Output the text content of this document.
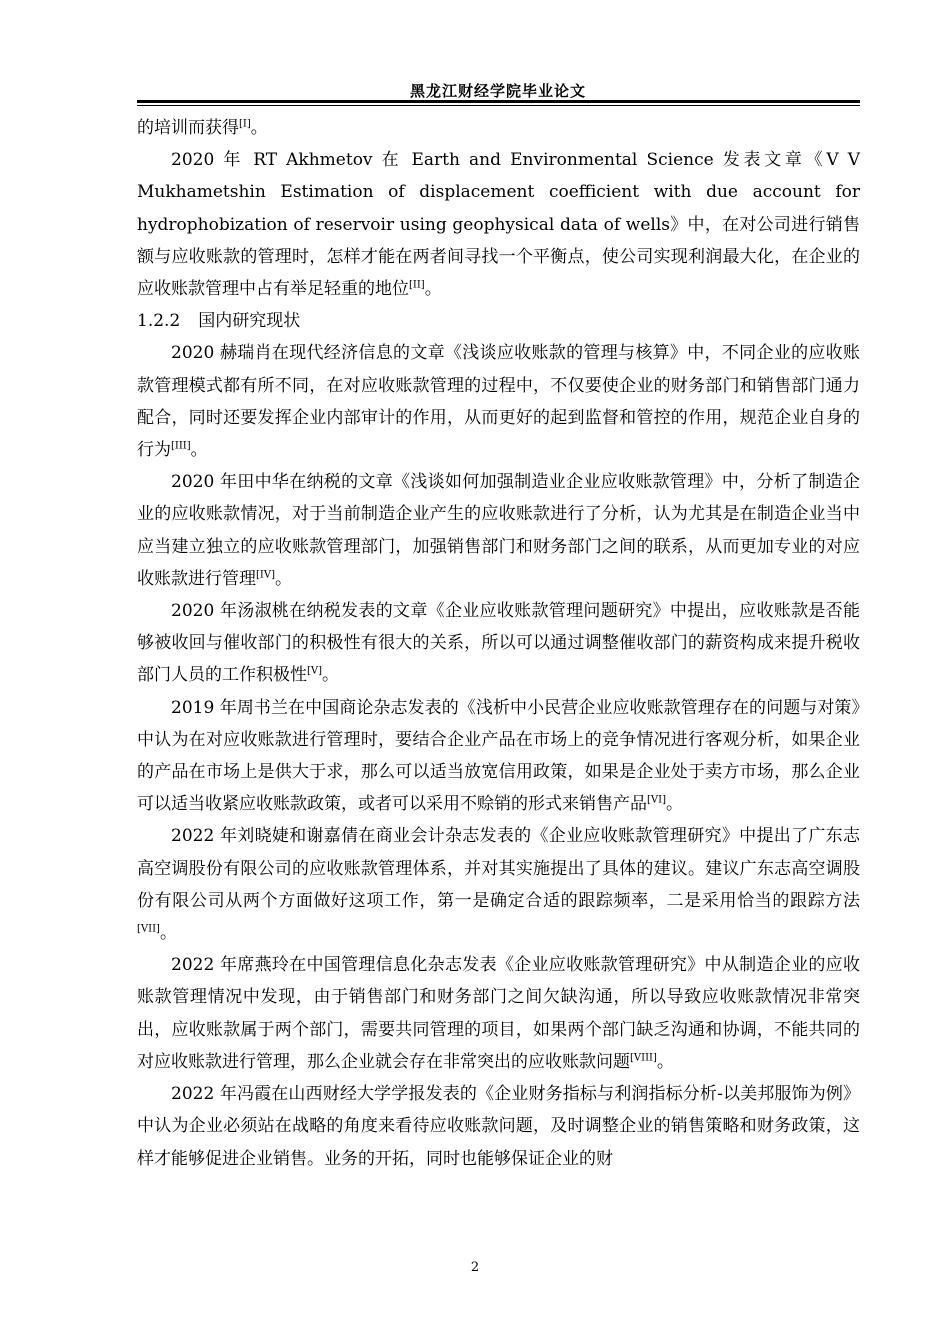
黑龙江财经学院毕业论文

的培训而获得[I]。

2020 年 RT Akhmetov 在 Earth and Environmental Science 发表文章《V V Mukhametshin Estimation of displacement coefficient with due account for hydrophobization of reservoir using geophysical data of wells》中，在对公司进行销售额与应收账款的管理时，怎样才能在两者间寻找一个平衡点，使公司实现利润最大化，在企业的应收账款管理中占有举足轻重的地位[II]。

1.2.2 国内研究现状

2020 赫瑞肖在现代经济信息的文章《浅谈应收账款的管理与核算》中，不同企业的应收账款管理模式都有所不同，在对应收账款管理的过程中，不仅要使企业的财务部门和销售部门通力配合，同时还要发挥企业内部审计的作用，从而更好的起到监督和管控的作用，规范企业自身的行为[III]。

2020 年田中华在纳税的文章《浅谈如何加强制造业企业应收账款管理》中，分析了制造企业的应收账款情况，对于当前制造企业产生的应收账款进行了分析，认为尤其是在制造企业当中应当建立独立的应收账款管理部门，加强销售部门和财务部门之间的联系，从而更加专业的对应收账款进行管理[IV]。

2020 年汤淑桃在纳税发表的文章《企业应收账款管理问题研究》中提出，应收账款是否能够被收回与催收部门的积极性有很大的关系，所以可以通过调整催收部门的薪资构成来提升税收部门人员的工作积极性[V]。

2019 年周书兰在中国商论杂志发表的《浅析中小民营企业应收账款管理存在的问题与对策》中认为在对应收账款进行管理时，要结合企业产品在市场上的竞争情况进行客观分析，如果企业的产品在市场上是供大于求，那么可以适当放宽信用政策，如果是企业处于卖方市场，那么企业可以适当收紧应收账款政策，或者可以采用不赊销的形式来销售产品[VI]。

2022 年刘晓婕和谢嘉倩在商业会计杂志发表的《企业应收账款管理研究》中提出了广东志高空调股份有限公司的应收账款管理体系，并对其实施提出了具体的建议。建议广东志高空调股份有限公司从两个方面做好这项工作，第一是确定合适的跟踪频率，二是采用恰当的跟踪方法[VII]。

2022 年席燕玲在中国管理信息化杂志发表《企业应收账款管理研究》中从制造企业的应收账款管理情况中发现，由于销售部门和财务部门之间欠缺沟通，所以导致应收账款情况非常突出，应收账款属于两个部门，需要共同管理的项目，如果两个部门缺乏沟通和协调，不能共同的对应收账款进行管理，那么企业就会存在非常突出的应收账款问题[VIII]。

2022 年冯霞在山西财经大学学报发表的《企业财务指标与利润指标分析-以美邦服饰为例》中认为企业必须站在战略的角度来看待应收账款问题，及时调整企业的销售策略和财务政策，这样才能够促进企业销售。业务的开拓，同时也能够保证企业的财

2
